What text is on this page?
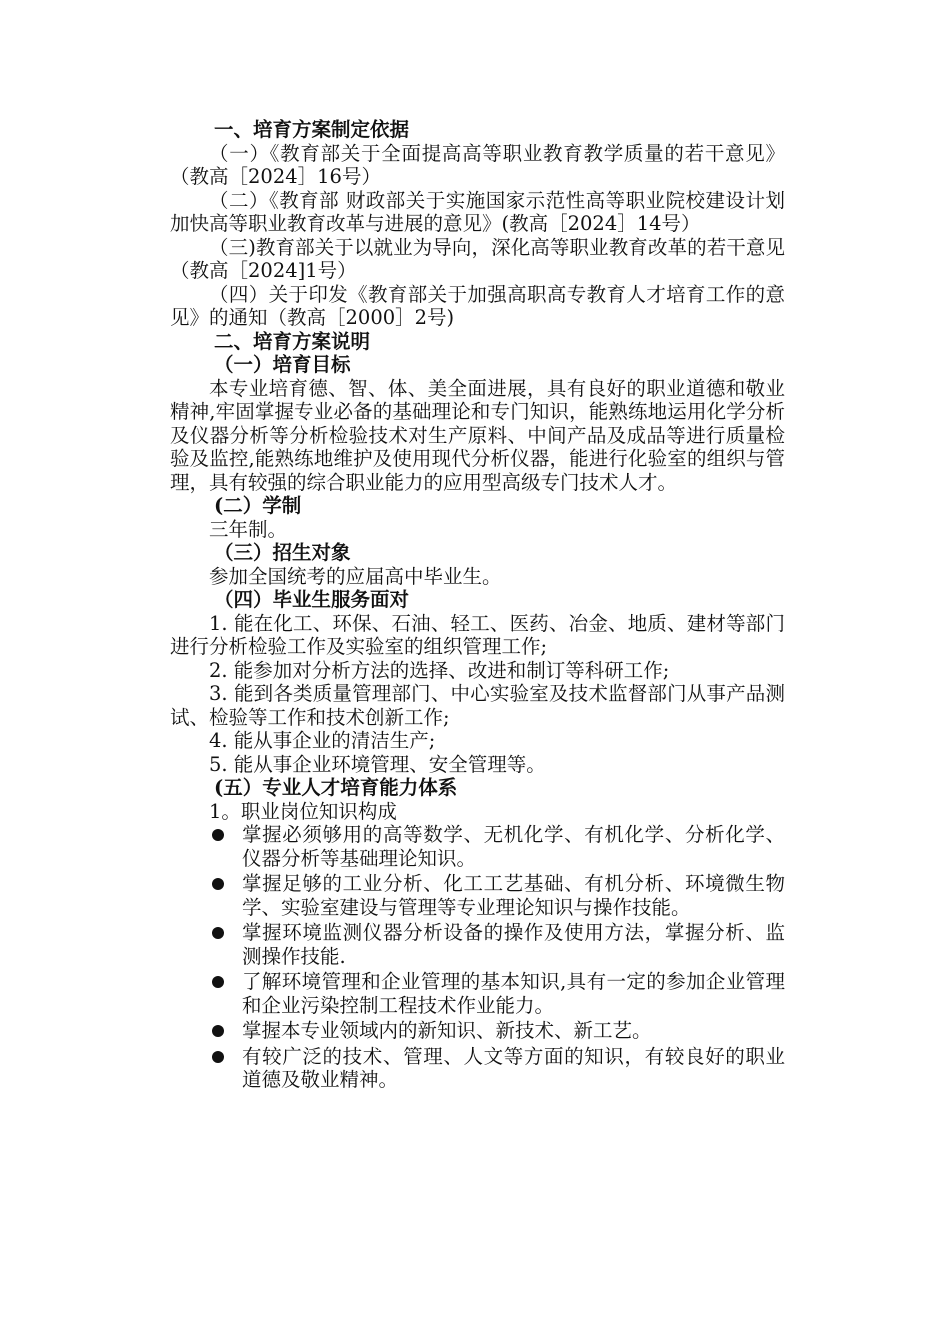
一、培育方案制定依据

（一）《教育部关于全面提高高等职业教育教学质量的若干意见》（教高［2024］16号）

（二）《教育部 财政部关于实施国家示范性高等职业院校建设计划加快高等职业教育改革与进展的意见》(教高［2024］14号）

（三)教育部关于以就业为导向，深化高等职业教育改革的若干意见（教高［2024]1号）

（四）关于印发《教育部关于加强高职高专教育人才培育工作的意见》的通知（教高［2000］2号)

二、培育方案说明

（一）培育目标

本专业培育德、智、体、美全面进展，具有良好的职业道德和敬业精神,牢固掌握专业必备的基础理论和专门知识，能熟练地运用化学分析及仪器分析等分析检验技术对生产原料、中间产品及成品等进行质量检验及监控,能熟练地维护及使用现代分析仪器，能进行化验室的组织与管理，具有较强的综合职业能力的应用型高级专门技术人才。

(二）学制

三年制。

（三）招生对象

参加全国统考的应届高中毕业生。

（四）毕业生服务面对

1. 能在化工、环保、石油、轻工、医药、冶金、地质、建材等部门进行分析检验工作及实验室的组织管理工作;

2. 能参加对分析方法的选择、改进和制订等科研工作;

3. 能到各类质量管理部门、中心实验室及技术监督部门从事产品测试、检验等工作和技术创新工作;

4. 能从事企业的清洁生产;

5. 能从事企业环境管理、安全管理等。

(五）专业人才培育能力体系

1。职业岗位知识构成

掌握必须够用的高等数学、无机化学、有机化学、分析化学、仪器分析等基础理论知识。
掌握足够的工业分析、化工工艺基础、有机分析、环境微生物学、实验室建设与管理等专业理论知识与操作技能。
掌握环境监测仪器分析设备的操作及使用方法，掌握分析、监测操作技能.
了解环境管理和企业管理的基本知识,具有一定的参加企业管理和企业污染控制工程技术作业能力。
掌握本专业领域内的新知识、新技术、新工艺。
有较广泛的技术、管理、人文等方面的知识，有较良好的职业道德及敬业精神。
